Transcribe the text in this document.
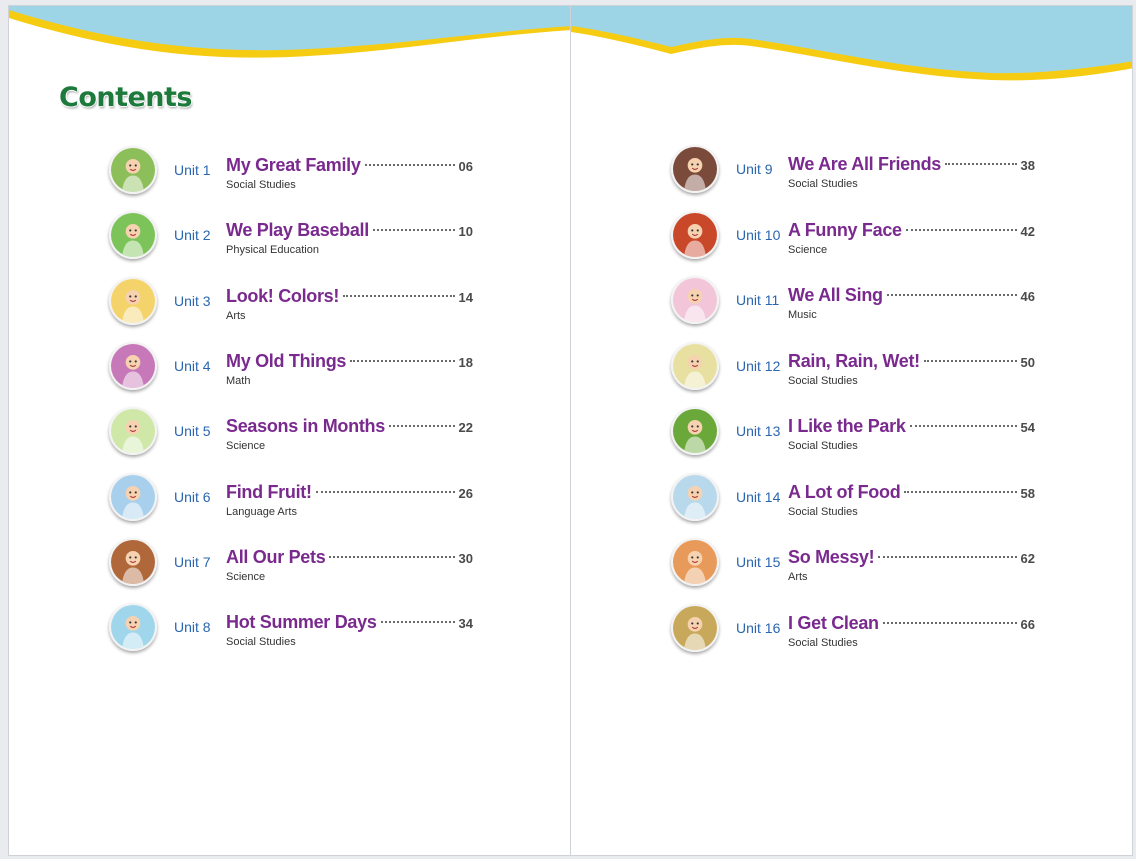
Contents
Unit 1 My Great Family	06
Social Studies
Unit 2 We Play Baseball	10
Physical Education
Unit 3 Look! Colors!	14
Arts
Unit 4 My Old Things	18
Math
Unit 5 Seasons in Months	22
Science
Unit 6 Find Fruit!	26
Language Arts
Unit 7 All Our Pets	30
Science
Unit 8 Hot Summer Days	34
Social Studies
Unit 9 We Are All Friends	38
Social Studies
Unit 10 A Funny Face	42
Science
Unit 11 We All Sing	46
Music
Unit 12 Rain, Rain, Wet!	50
Social Studies
Unit 13 I Like the Park	54
Social Studies
Unit 14 A Lot of Food	58
Social Studies
Unit 15 So Messy!	62
Arts
Unit 16 I Get Clean	66
Social Studies
